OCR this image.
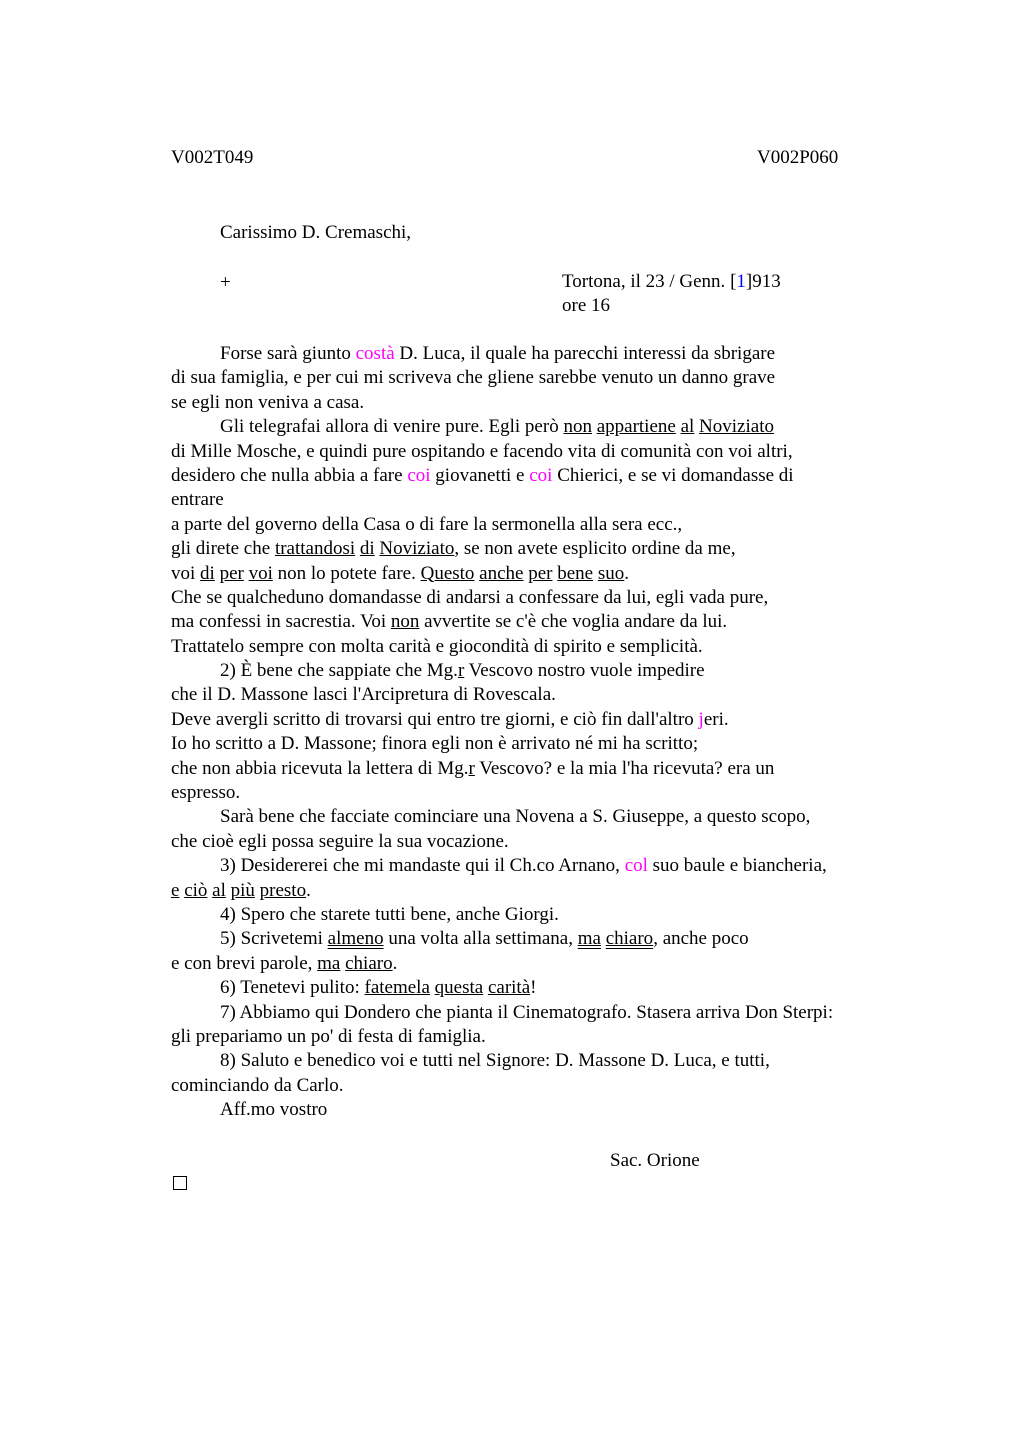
V002T049	V002P060
Carissimo D. Cremaschi,
+	Tortona, il 23 / Genn. [1]913
ore 16
Forse sarà giunto costà D. Luca, il quale ha parecchi interessi da sbrigare
di sua famiglia, e per cui mi scriveva che gliene sarebbe venuto un danno grave
se egli non veniva a casa.
Gli telegrafai allora di venire pure. Egli però non appartiene al Noviziato
di Mille Mosche, e quindi pure ospitando e facendo vita di comunità con voi altri,
desidero che nulla abbia a fare coi giovanetti e coi Chierici, e se vi domandasse di
entrare
a parte del governo della Casa o di fare la sermonella alla sera ecc.,
gli direte che trattandosi di Noviziato, se non avete esplicito ordine da me,
voi di per voi non lo potete fare. Questo anche per bene suo.
Che se qualcheduno domandasse di andarsi a confessare da lui, egli vada pure,
ma confessi in sacrestia. Voi non avvertite se c'è che voglia andare da lui.
Trattatelo sempre con molta carità e giocondità di spirito e semplicità.
2) È bene che sappiate che Mg.r Vescovo nostro vuole impedire
che il D. Massone lasci l'Arcipretura di Rovescala.
Deve avergli scritto di trovarsi qui entro tre giorni, e ciò fin dall'altro jeri.
Io ho scritto a D. Massone; finora egli non è arrivato né mi ha scritto;
che non abbia ricevuta la lettera di Mg.r Vescovo? e la mia l'ha ricevuta? era un
espresso.
Sarà bene che facciate cominciare una Novena a S. Giuseppe, a questo scopo,
che cioè egli possa seguire la sua vocazione.
3) Desidererei che mi mandaste qui il Ch.co Arnano, col suo baule e biancheria,
e ciò al più presto.
4) Spero che starete tutti bene, anche Giorgi.
5) Scrivetemi almeno una volta alla settimana, ma chiaro, anche poco
e con brevi parole, ma chiaro.
6) Tenetevi pulito: fatemela questa carità!
7) Abbiamo qui Dondero che pianta il Cinematografo. Stasera arriva Don Sterpi:
gli prepariamo un po' di festa di famiglia.
8) Saluto e benedico voi e tutti nel Signore: D. Massone D. Luca, e tutti,
cominciando da Carlo.
Aff.mo vostro
Sac. Orione
